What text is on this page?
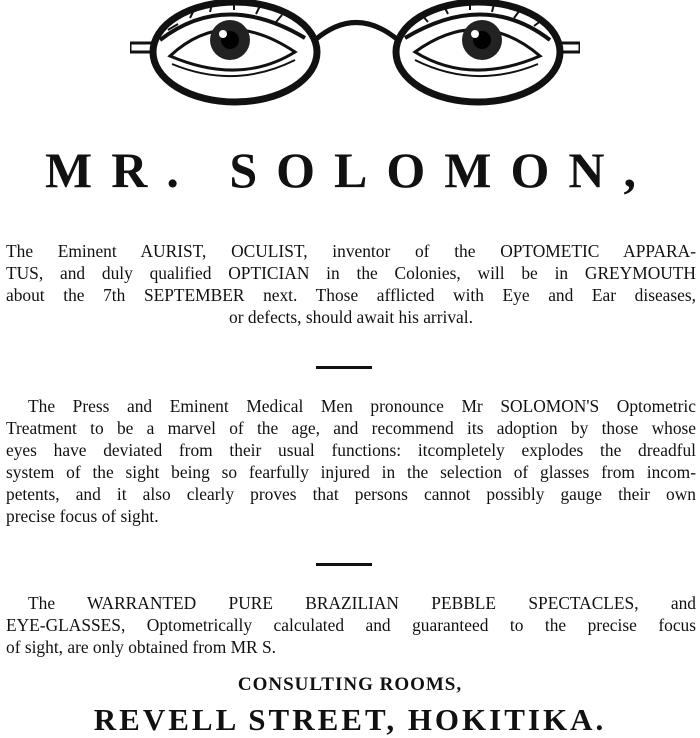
MR. SOLOMON,
The Eminent AURIST, OCULIST, inventor of the OPTOMETIC APPARA-
TUS, and duly qualified OPTICIAN in the Colonies, will be in GREYMOUTH
about the 7th SEPTEMBER next. Those afflicted with Eye and Ear diseases,
or defects, should await his arrival.
The Press and Eminent Medical Men pronounce Mr SOLOMON'S Optometric
Treatment to be a marvel of the age, and recommend its adoption by those whose
eyes have deviated from their usual functions: itcompletely explodes the dreadful
system of the sight being so fearfully injured in the selection of glasses from incom-
petents, and it also clearly proves that persons cannot possibly gauge their own
precise focus of sight.
The WARRANTED PURE BRAZILIAN PEBBLE SPECTACLES, and
EYE-GLASSES, Optometrically calculated and guaranteed to the precise focus
of sight, are only obtained from MR S.
CONSULTING ROOMS,
REVELL STREET, HOKITIKA.
